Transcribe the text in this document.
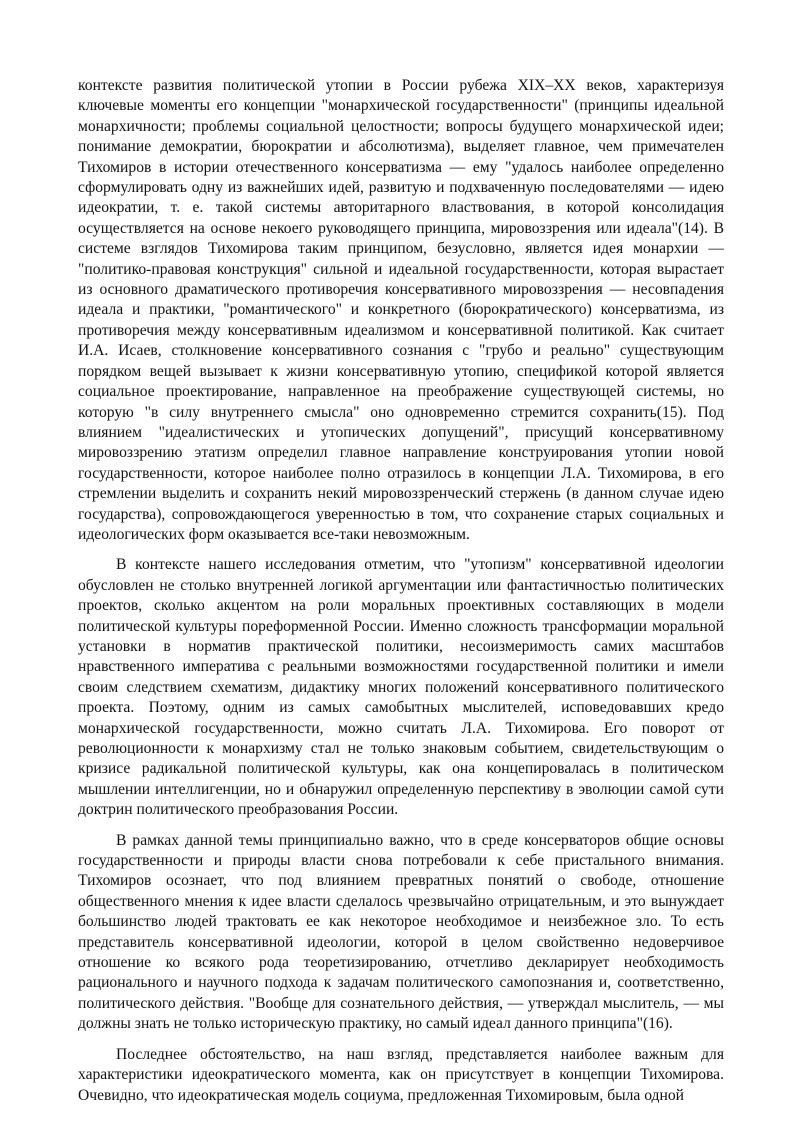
контексте развития политической утопии в России рубежа XIX–XX веков, характеризуя ключевые моменты его концепции "монархической государственности" (принципы идеальной монархичности; проблемы социальной целостности; вопросы будущего монархической идеи; понимание демократии, бюрократии и абсолютизма), выделяет главное, чем примечателен Тихомиров в истории отечественного консерватизма — ему "удалось наиболее определенно сформулировать одну из важнейших идей, развитую и подхваченную последователями — идею идеократии, т. е. такой системы авторитарного властвования, в которой консолидация осуществляется на основе некоего руководящего принципа, мировоззрения или идеала"(14). В системе взглядов Тихомирова таким принципом, безусловно, является идея монархии — "политико-правовая конструкция" сильной и идеальной государственности, которая вырастает из основного драматического противоречия консервативного мировоззрения — несовпадения идеала и практики, "романтического" и конкретного (бюрократического) консерватизма, из противоречия между консервативным идеализмом и консервативной политикой. Как считает И.А. Исаев, столкновение консервативного сознания с "грубо и реально" существующим порядком вещей вызывает к жизни консервативную утопию, спецификой которой является социальное проектирование, направленное на преображение существующей системы, но которую "в силу внутреннего смысла" оно одновременно стремится сохранить(15). Под влиянием "идеалистических и утопических допущений", присущий консервативному мировоззрению этатизм определил главное направление конструирования утопии новой государственности, которое наиболее полно отразилось в концепции Л.А. Тихомирова, в его стремлении выделить и сохранить некий мировоззренческий стержень (в данном случае идею государства), сопровождающегося уверенностью в том, что сохранение старых социальных и идеологических форм оказывается все-таки невозможным.

В контексте нашего исследования отметим, что "утопизм" консервативной идеологии обусловлен не столько внутренней логикой аргументации или фантастичностью политических проектов, сколько акцентом на роли моральных проективных составляющих в модели политической культуры пореформенной России. Именно сложность трансформации моральной установки в норматив практической политики, несоизмеримость самих масштабов нравственного императива с реальными возможностями государственной политики и имели своим следствием схематизм, дидактику многих положений консервативного политического проекта. Поэтому, одним из самых самобытных мыслителей, исповедовавших кредо монархической государственности, можно считать Л.А. Тихомирова. Его поворот от революционности к монархизму стал не только знаковым событием, свидетельствующим о кризисе радикальной политической культуры, как она концепировалась в политическом мышлении интеллигенции, но и обнаружил определенную перспективу в эволюции самой сути доктрин политического преобразования России.

В рамках данной темы принципиально важно, что в среде консерваторов общие основы государственности и природы власти снова потребовали к себе пристального внимания. Тихомиров осознает, что под влиянием превратных понятий о свободе, отношение общественного мнения к идее власти сделалось чрезвычайно отрицательным, и это вынуждает большинство людей трактовать ее как некоторое необходимое и неизбежное зло. То есть представитель консервативной идеологии, которой в целом свойственно недоверчивое отношение ко всякого рода теоретизированию, отчетливо декларирует необходимость рационального и научного подхода к задачам политического самопознания и, соответственно, политического действия. "Вообще для сознательного действия, — утверждал мыслитель, — мы должны знать не только историческую практику, но самый идеал данного принципа"(16).

Последнее обстоятельство, на наш взгляд, представляется наиболее важным для характеристики идеократического момента, как он присутствует в концепции Тихомирова. Очевидно, что идеократическая модель социума, предложенная Тихомировым, была одной
